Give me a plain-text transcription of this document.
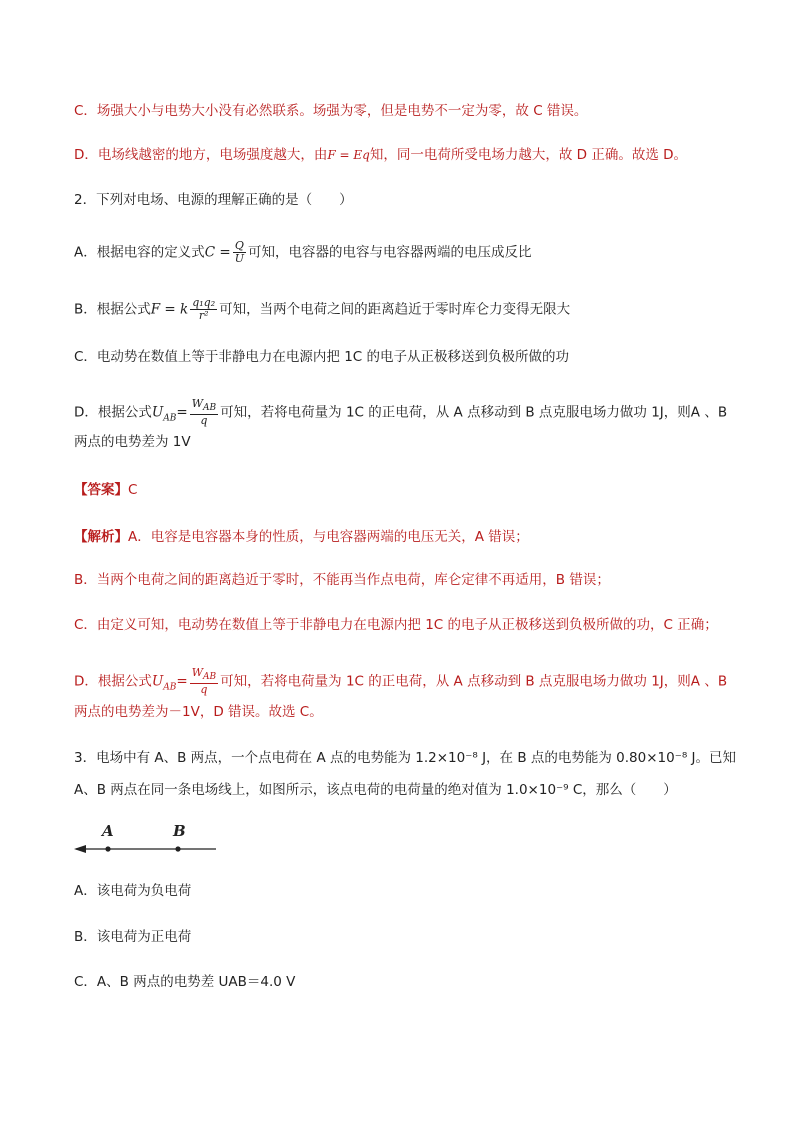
C．场强大小与电势大小没有必然联系。场强为零，但是电势不一定为零，故 C 错误。
D．电场线越密的地方，电场强度越大，由F = Eq知，同一电荷所受电场力越大，故 D 正确。故选 D。
2．下列对电场、电源的理解正确的是（　　）
A．根据电容的定义式$C = \frac{Q}{U}$ 可知，电容器的电容与电容器两端的电压成反比
B．根据公式F = k $\frac{\text{q₁q₂}}{\text{r²}}$ 可知，当两个电荷之间的距离趋近于零时库仑力变得无限大
C．电动势在数值上等于非静电力在电源内把 1C 的电子从正极移送到负极所做的功
D．根据公式$U_{AB}= \frac{W_{AB}}{q}$ 可知，若将电荷量为 1C 的正电荷，从 A 点移动到 B 点克服电场力做功 1J，则A 、B
两点的电势差为 1V
【答案】C
【解析】A．电容是电容器本身的性质，与电容器两端的电压无关，A 错误；
B．当两个电荷之间的距离趋近于零时，不能再当作点电荷，库仑定律不再适用，B 错误；
C．由定义可知，电动势在数值上等于非静电力在电源内把 1C 的电子从正极移送到负极所做的功，C 正确；
D．根据公式$U_{AB}= \frac{W_{AB}}{q}$ 可知，若将电荷量为 1C 的正电荷，从 A 点移动到 B 点克服电场力做功 1J，则A 、B
两点的电势差为－1V，D 错误。故选 C。
3．电场中有 A、B 两点，一个点电荷在 A 点的电势能为 1.2×10⁻⁸ J，在 B 点的电势能为 0.80×10⁻⁸ J。已知
A、B 两点在同一条电场线上，如图所示，该点电荷的电荷量的绝对值为 1.0×10⁻⁹ C，那么（　　）
A	B
A．该电荷为负电荷
B．该电荷为正电荷
C．A、B 两点的电势差 UAB＝4.0 V
